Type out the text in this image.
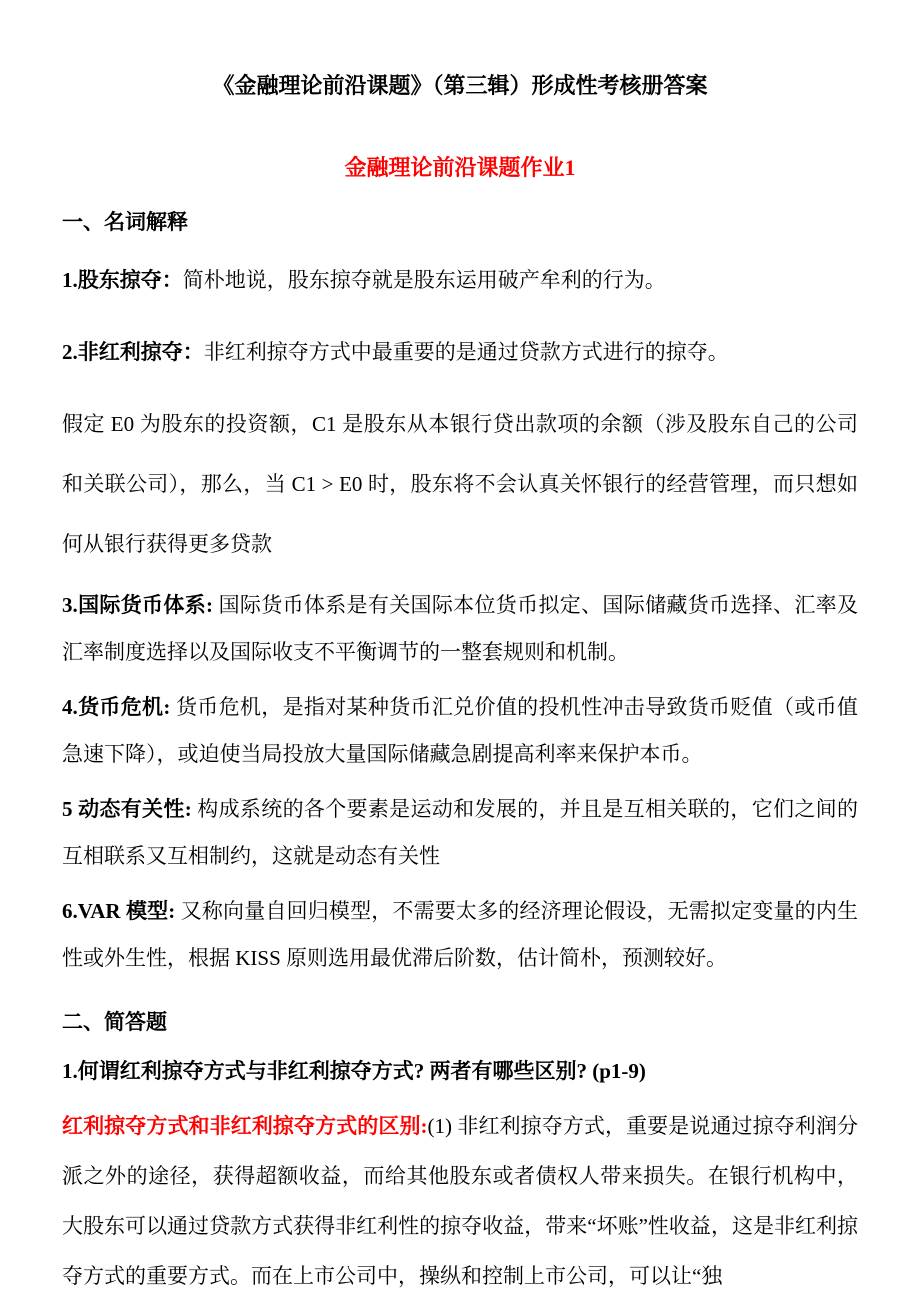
《金融理论前沿课题》（第三辑）形成性考核册答案
金融理论前沿课题作业1
一、名词解释

1.股东掠夺：简朴地说，股东掠夺就是股东运用破产牟利的行为。

2.非红利掠夺：非红利掠夺方式中最重要的是通过贷款方式进行的掠夺。

假定 E0 为股东的投资额，C1 是股东从本银行贷出款项的余额（涉及股东自己的公司和关联公司），那么，当 C1 > E0 时，股东将不会认真关怀银行的经营管理，而只想如何从银行获得更多贷款

3.国际货币体系: 国际货币体系是有关国际本位货币拟定、国际储藏货币选择、汇率及汇率制度选择以及国际收支不平衡调节的一整套规则和机制。

4.货币危机: 货币危机，是指对某种货币汇兑价值的投机性冲击导致货币贬值（或币值急速下降），或迫使当局投放大量国际储藏急剧提高利率来保护本币。

5 动态有关性: 构成系统的各个要素是运动和发展的，并且是互相关联的，它们之间的互相联系又互相制约，这就是动态有关性

6.VAR 模型: 又称向量自回归模型，不需要太多的经济理论假设，无需拟定变量的内生性或外生性，根据 KISS 原则选用最优滞后阶数，估计简朴，预测较好。

二、简答题

1.何谓红利掠夺方式与非红利掠夺方式? 两者有哪些区别? (p1-9)

红利掠夺方式和非红利掠夺方式的区别:(1) 非红利掠夺方式，重要是说通过掠夺利润分派之外的途径，获得超额收益，而给其他股东或者债权人带来损失。在银行机构中，大股东可以通过贷款方式获得非红利性的掠夺收益，带来“坏账”性收益，这是非红利掠夺方式的重要方式。而在上市公司中，操纵和控制上市公司，可以让“独
